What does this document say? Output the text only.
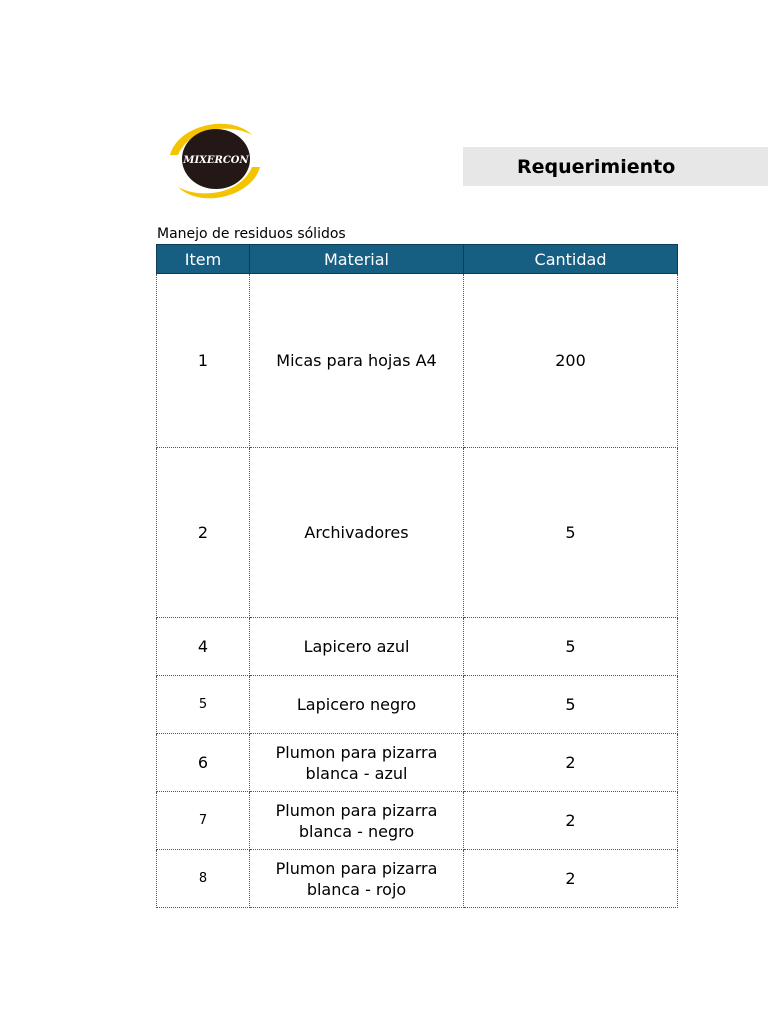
MIXERCON	Requerimiento
Manejo de residuos sólidos
Item	Material	Cantidad
1	Micas para hojas A4	200
2	Archivadores	5
4	Lapicero azul	5
5	Lapicero negro	5
6	Plumon para pizarra blanca - azul	2
7	Plumon para pizarra blanca - negro	2
8	Plumon para pizarra blanca - rojo	2
